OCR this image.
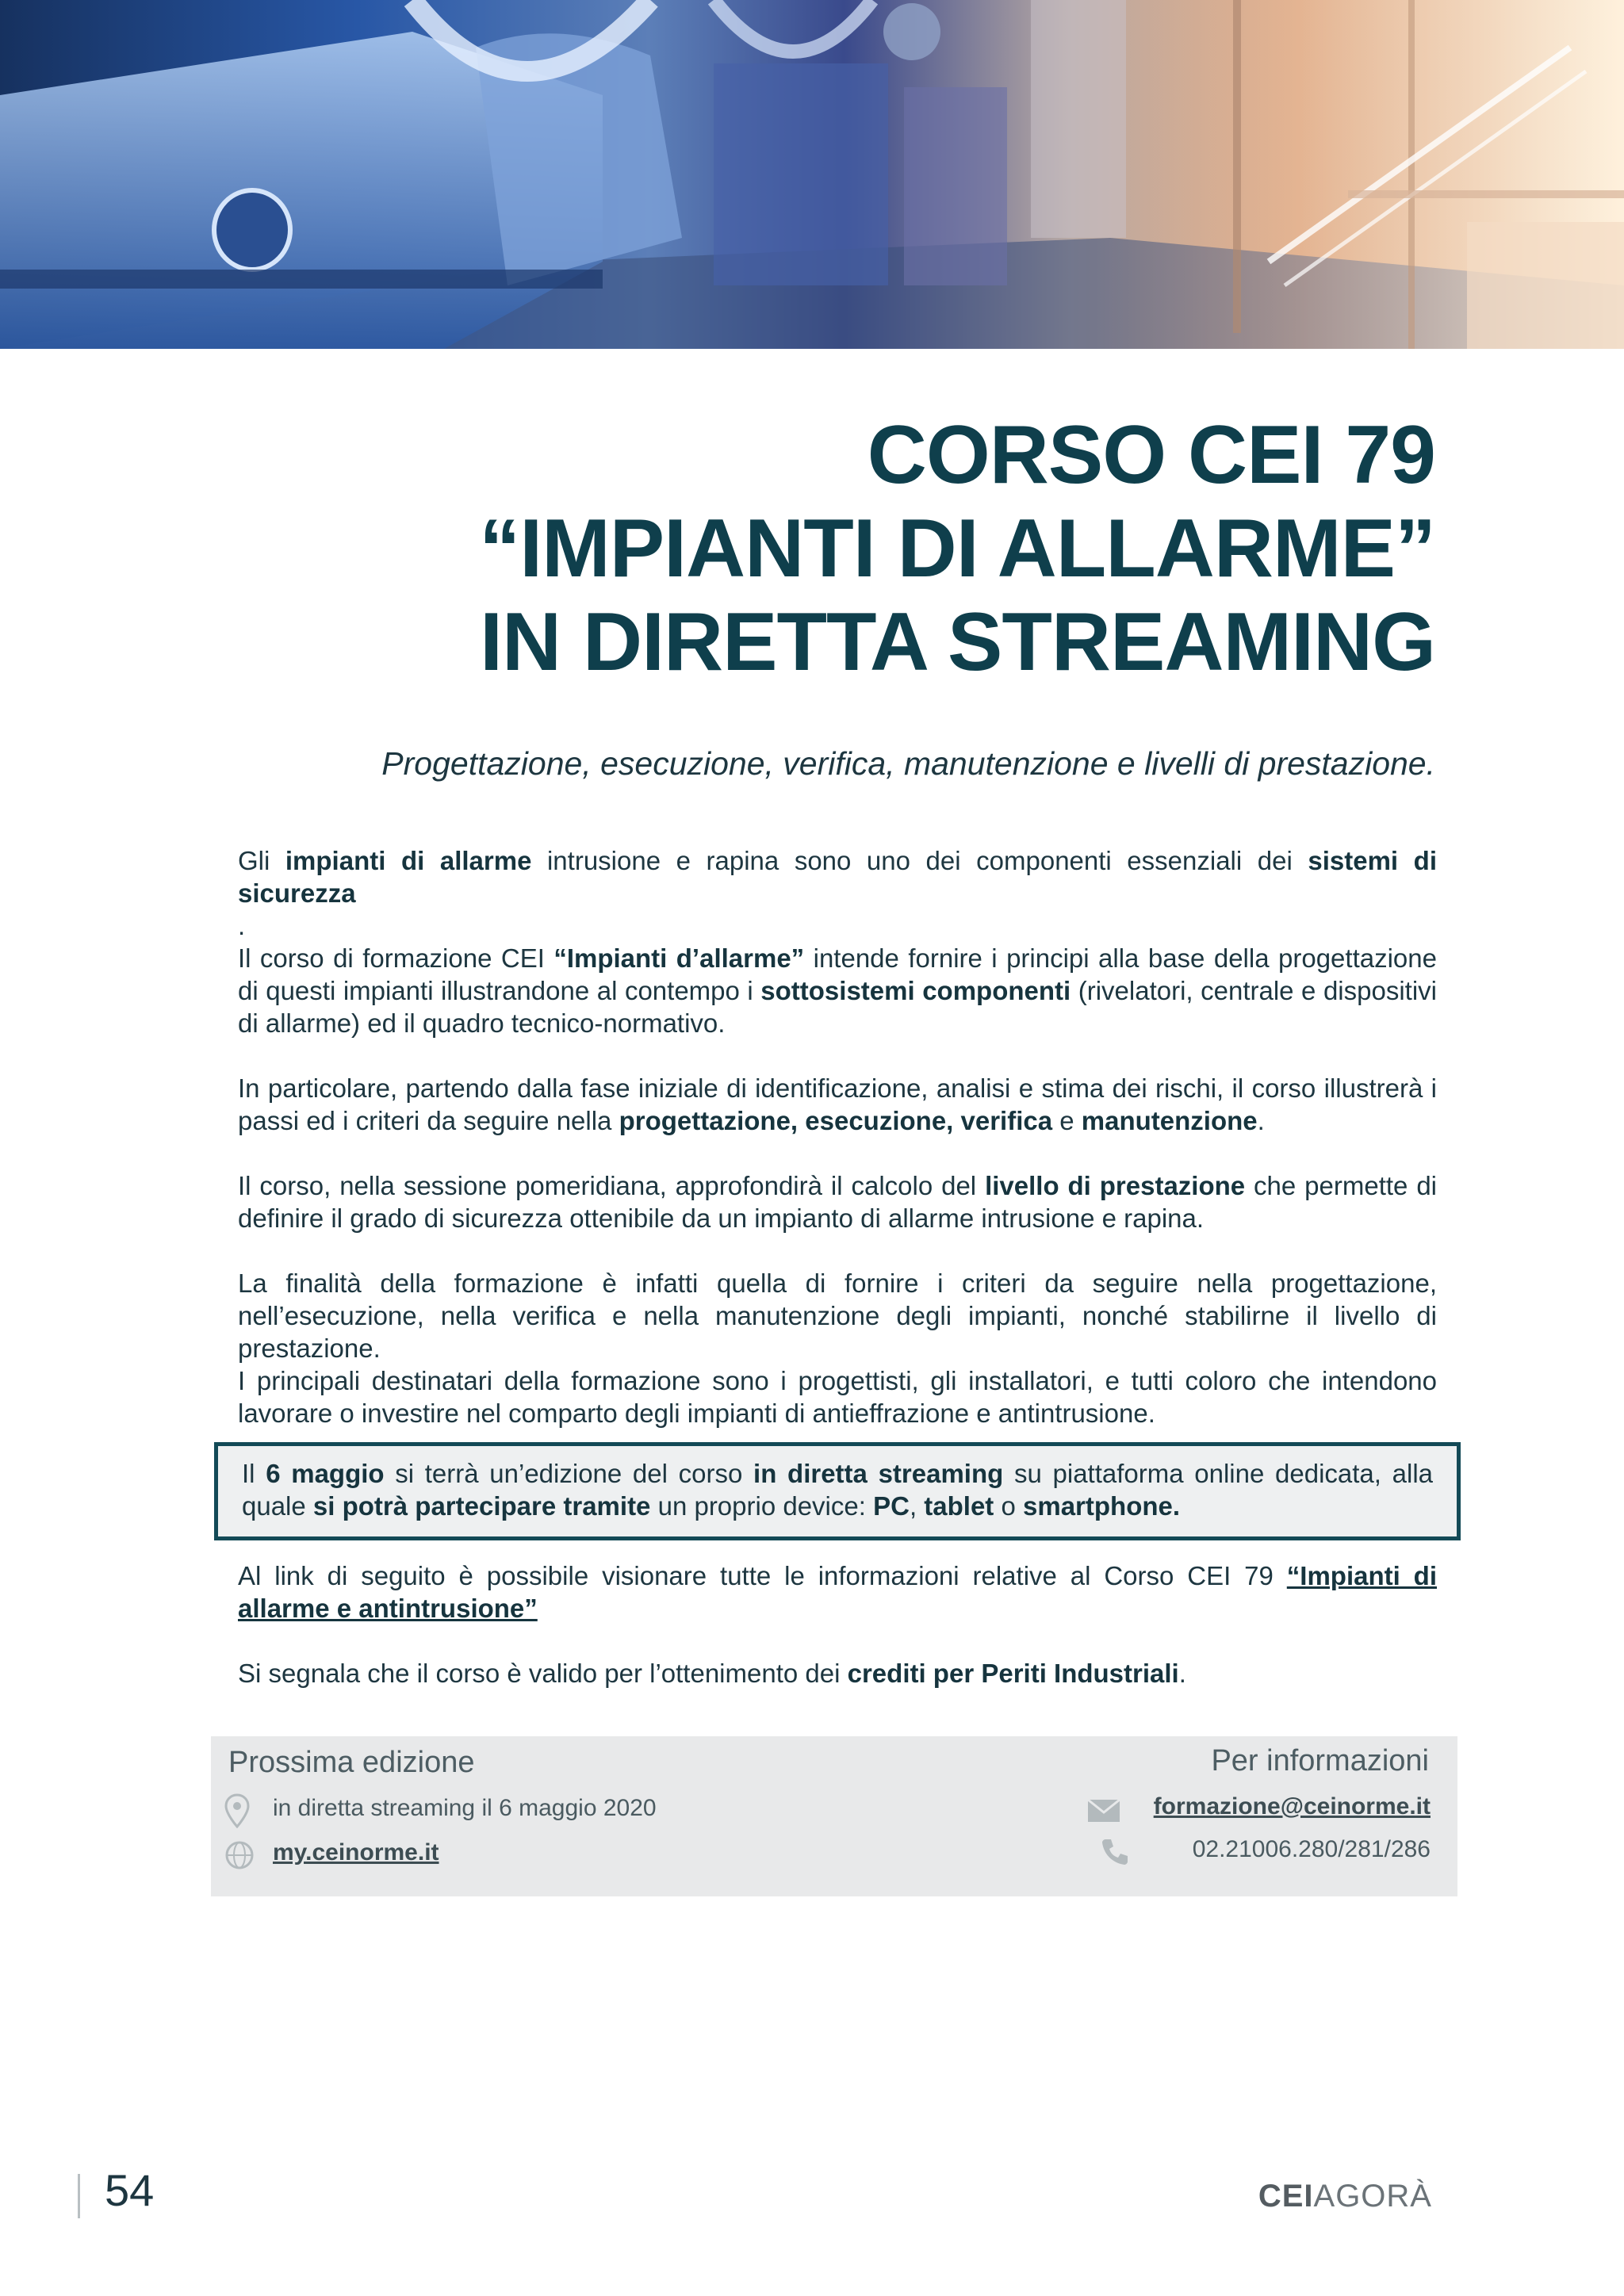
CORSO CEI 79
“IMPIANTI DI ALLARME”
IN DIRETTA STREAMING

Progettazione, esecuzione, verifica, manutenzione e livelli di prestazione.

Gli impianti di allarme intrusione e rapina sono uno dei componenti essenziali dei sistemi di sicurezza
.

Il corso di formazione CEI “Impianti d’allarme” intende fornire i principi alla base della progettazione di questi impianti illustrandone al contempo i sottosistemi componenti (rivelatori, centrale e dispositivi di allarme) ed il quadro tecnico-normativo.

In particolare, partendo dalla fase iniziale di identificazione, analisi e stima dei rischi, il corso illustrerà i passi ed i criteri da seguire nella progettazione, esecuzione, verifica e manutenzione.

Il corso, nella sessione pomeridiana, approfondirà il calcolo del livello di prestazione che permette di definire il grado di sicurezza ottenibile da un impianto di allarme intrusione e rapina.

La finalità della formazione è infatti quella di fornire i criteri da seguire nella progettazione, nell’esecuzione, nella verifica e nella manutenzione degli impianti, nonché stabilirne il livello di prestazione.

I principali destinatari della formazione sono i progettisti, gli installatori, e tutti coloro che intendono lavorare o investire nel comparto degli impianti di antieffrazione e antintrusione.

Il 6 maggio si terrà un’edizione del corso in diretta streaming su piattaforma online dedicata, alla quale si potrà partecipare tramite un proprio device: PC, tablet o smartphone.

Al link di seguito è possibile visionare tutte le informazioni relative al Corso CEI 79 “Impianti di allarme e antintrusione”

Si segnala che il corso è valido per l’ottenimento dei crediti per Periti Industriali.

Prossima edizione	Per informazioni
in diretta streaming il 6 maggio 2020
my.ceinorme.it
formazione@ceinorme.it
02.21006.280/281/286
54	CEIAGORÀ
